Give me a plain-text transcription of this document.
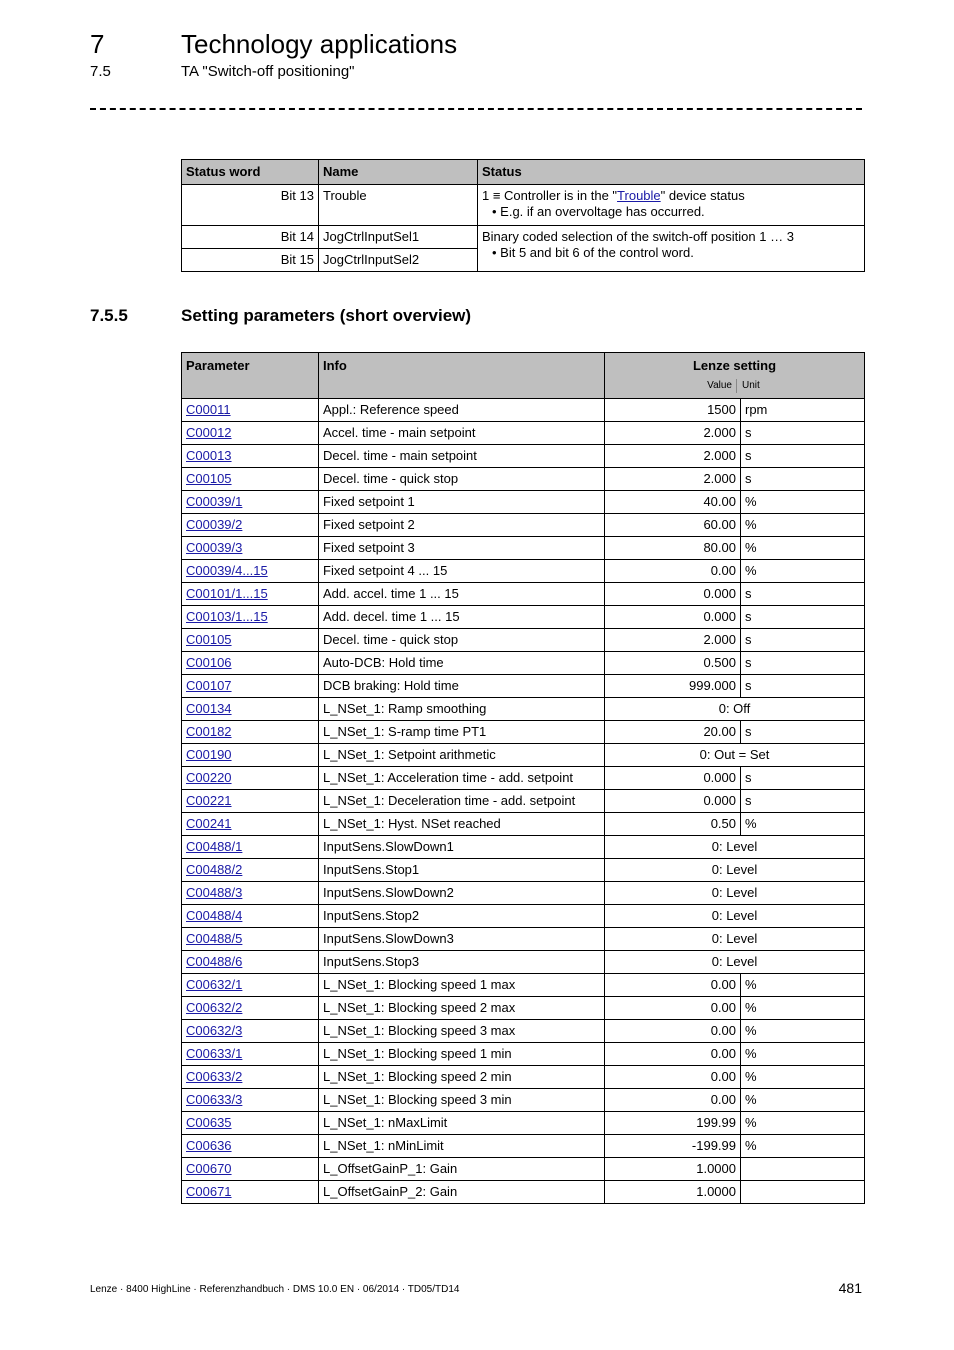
7	Technology applications
7.5	TA "Switch-off positioning"
Status word	Name	Status
Bit 13	Trouble	1 ≡ Controller is in the "Trouble" device status
• E.g. if an overvoltage has occurred.

Bit 14	JogCtrlInputSel1	Binary coded selection of the switch-off position 1 … 3
• Bit 5 and bit 6 of the control word.

Bit 15	JogCtrlInputSel2	
7.5.5	Setting parameters (short overview)
Parameter	Info	Lenze setting
Value Unit	

C00011	Appl.: Reference speed	1500	rpm
C00012	Accel. time - main setpoint	2.000	s
C00013	Decel. time - main setpoint	2.000	s
C00105	Decel. time - quick stop	2.000	s
C00039/1	Fixed setpoint 1	40.00	%
C00039/2	Fixed setpoint 2	60.00	%
C00039/3	Fixed setpoint 3	80.00	%
C00039/4...15	Fixed setpoint 4 ... 15	0.00	%
C00101/1...15	Add. accel. time 1 ... 15	0.000	s
C00103/1...15	Add. decel. time 1 ... 15	0.000	s
C00105	Decel. time - quick stop	2.000	s
C00106	Auto-DCB: Hold time	0.500	s
C00107	DCB braking: Hold time	999.000	s
C00134	L_NSet_1: Ramp smoothing	0: Off	
C00182	L_NSet_1: S-ramp time PT1	20.00	s
C00190	L_NSet_1: Setpoint arithmetic	0: Out = Set	
C00220	L_NSet_1: Acceleration time - add. setpoint	0.000	s
C00221	L_NSet_1: Deceleration time - add. setpoint	0.000	s
C00241	L_NSet_1: Hyst. NSet reached	0.50	%
C00488/1	InputSens.SlowDown1	0: Level	
C00488/2	InputSens.Stop1	0: Level	
C00488/3	InputSens.SlowDown2	0: Level	
C00488/4	InputSens.Stop2	0: Level	
C00488/5	InputSens.SlowDown3	0: Level	
C00488/6	InputSens.Stop3	0: Level	
C00632/1	L_NSet_1: Blocking speed 1 max	0.00	%
C00632/2	L_NSet_1: Blocking speed 2 max	0.00	%
C00632/3	L_NSet_1: Blocking speed 3 max	0.00	%
C00633/1	L_NSet_1: Blocking speed 1 min	0.00	%
C00633/2	L_NSet_1: Blocking speed 2 min	0.00	%
C00633/3	L_NSet_1: Blocking speed 3 min	0.00	%
C00635	L_NSet_1: nMaxLimit	199.99	%
C00636	L_NSet_1: nMinLimit	-199.99	%
C00670	L_OffsetGainP_1: Gain	1.0000	
C00671	L_OffsetGainP_2: Gain	1.0000	
Lenze · 8400 HighLine · Referenzhandbuch · DMS 10.0 EN · 06/2014 · TD05/TD14	481
